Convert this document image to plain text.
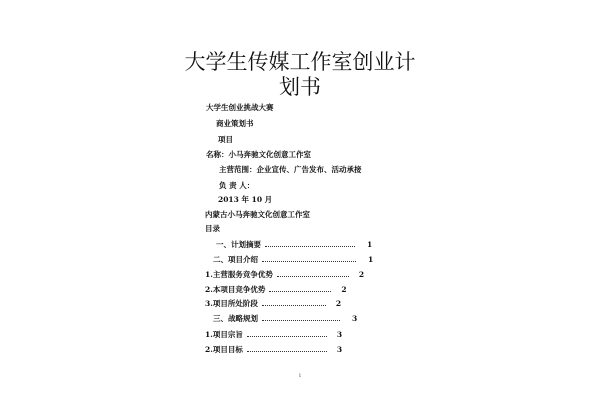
大学生传媒工作室创业计
划书

大学生创业挑战大赛

商业策划书

项目

名称：小马奔驰文化创意工作室

主营范围：企业宣传、广告发布、活动承接

负 责 人：

2013 年 10 月

内蒙古小马奔驰文化创意工作室

目录

一、计划摘要	1
二、项目介绍	1
1.主营服务竞争优势	2
2.本项目竞争优势	2
3.项目所处阶段	2
三、战略规划	3
1.项目宗旨	3
2.项目目标	3
1
